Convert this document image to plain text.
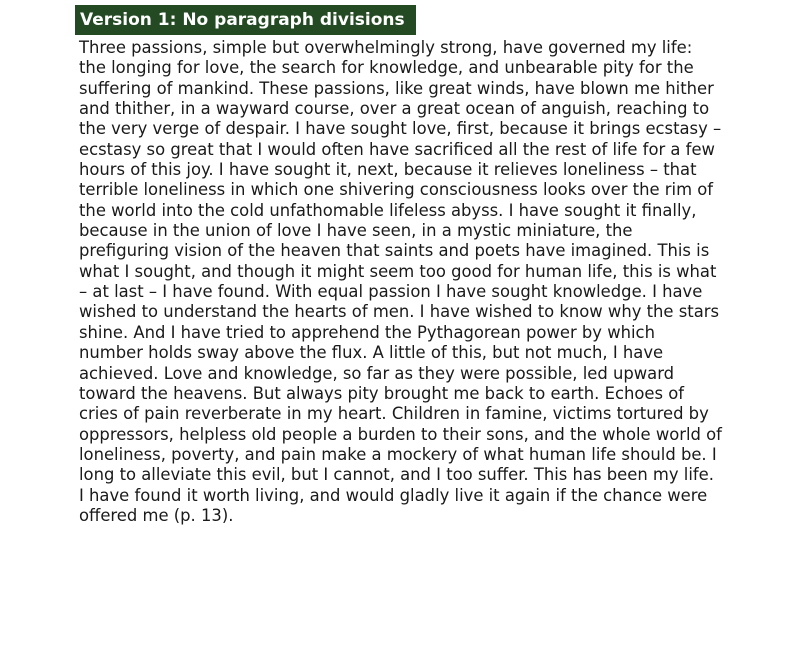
Version 1: No paragraph divisions
Three passions, simple but overwhelmingly strong, have governed my life: the longing for love, the search for knowledge, and unbearable pity for the suffering of mankind. These passions, like great winds, have blown me hither and thither, in a wayward course, over a great ocean of anguish, reaching to the very verge of despair. I have sought love, first, because it brings ecstasy – ecstasy so great that I would often have sacrificed all the rest of life for a few hours of this joy. I have sought it, next, because it relieves loneliness – that terrible loneliness in which one shivering consciousness looks over the rim of the world into the cold unfathomable lifeless abyss. I have sought it finally, because in the union of love I have seen, in a mystic miniature, the prefiguring vision of the heaven that saints and poets have imagined. This is what I sought, and though it might seem too good for human life, this is what – at last – I have found. With equal passion I have sought knowledge. I have wished to understand the hearts of men. I have wished to know why the stars shine. And I have tried to apprehend the Pythagorean power by which number holds sway above the flux. A little of this, but not much, I have achieved. Love and knowledge, so far as they were possible, led upward toward the heavens. But always pity brought me back to earth. Echoes of cries of pain reverberate in my heart. Children in famine, victims tortured by oppressors, helpless old people a burden to their sons, and the whole world of loneliness, poverty, and pain make a mockery of what human life should be. I long to alleviate this evil, but I cannot, and I too suffer. This has been my life. I have found it worth living, and would gladly live it again if the chance were offered me (p. 13).
